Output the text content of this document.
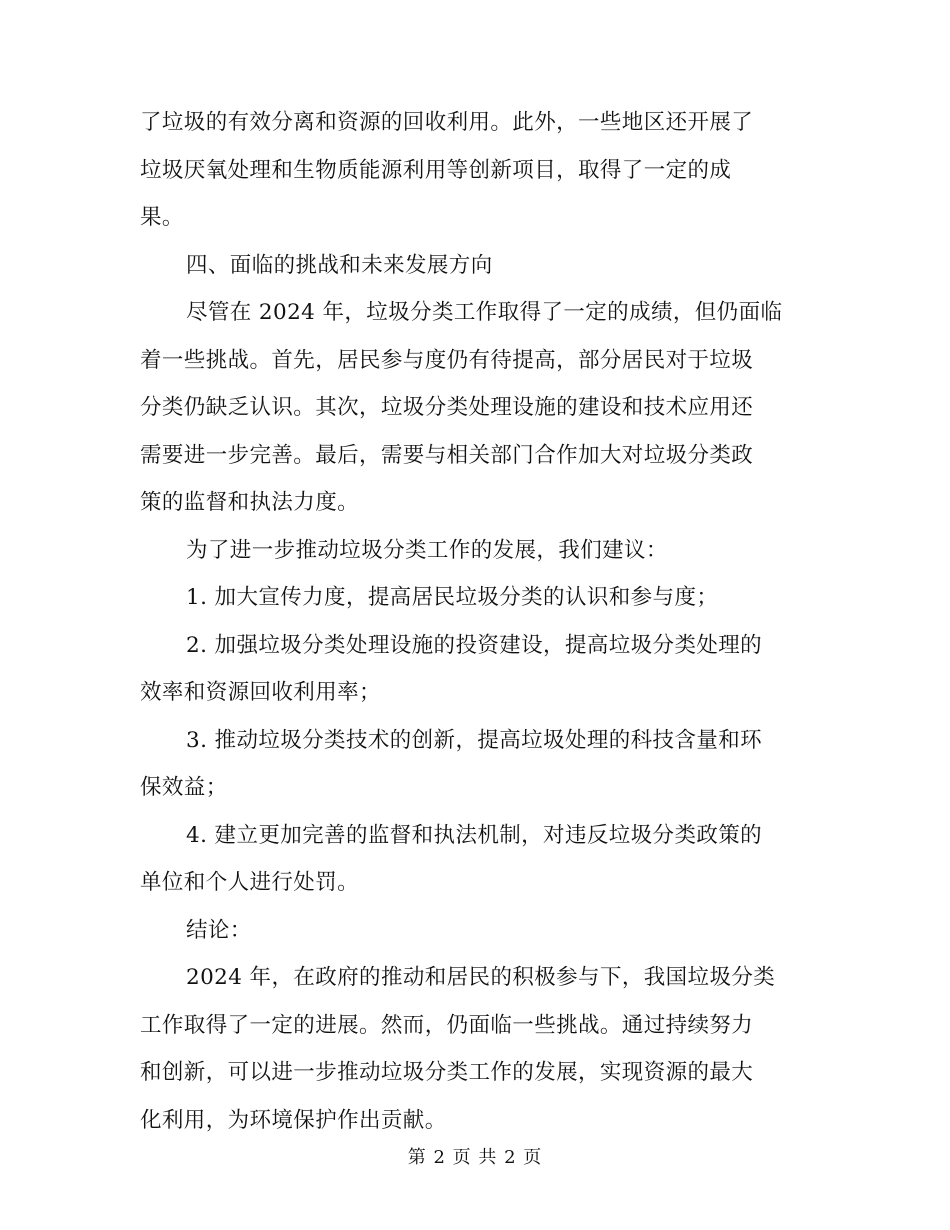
了垃圾的有效分离和资源的回收利用。此外，一些地区还开展了
垃圾厌氧处理和生物质能源利用等创新项目，取得了一定的成
果。
四、面临的挑战和未来发展方向
尽管在 2024 年，垃圾分类工作取得了一定的成绩，但仍面临
着一些挑战。首先，居民参与度仍有待提高，部分居民对于垃圾
分类仍缺乏认识。其次，垃圾分类处理设施的建设和技术应用还
需要进一步完善。最后，需要与相关部门合作加大对垃圾分类政
策的监督和执法力度。
为了进一步推动垃圾分类工作的发展，我们建议：
1. 加大宣传力度，提高居民垃圾分类的认识和参与度；
2. 加强垃圾分类处理设施的投资建设，提高垃圾分类处理的
效率和资源回收利用率；
3. 推动垃圾分类技术的创新，提高垃圾处理的科技含量和环
保效益；
4. 建立更加完善的监督和执法机制，对违反垃圾分类政策的
单位和个人进行处罚。
结论：
2024 年，在政府的推动和居民的积极参与下，我国垃圾分类
工作取得了一定的进展。然而，仍面临一些挑战。通过持续努力
和创新，可以进一步推动垃圾分类工作的发展，实现资源的最大
化利用，为环境保护作出贡献。
第 2 页 共 2 页
